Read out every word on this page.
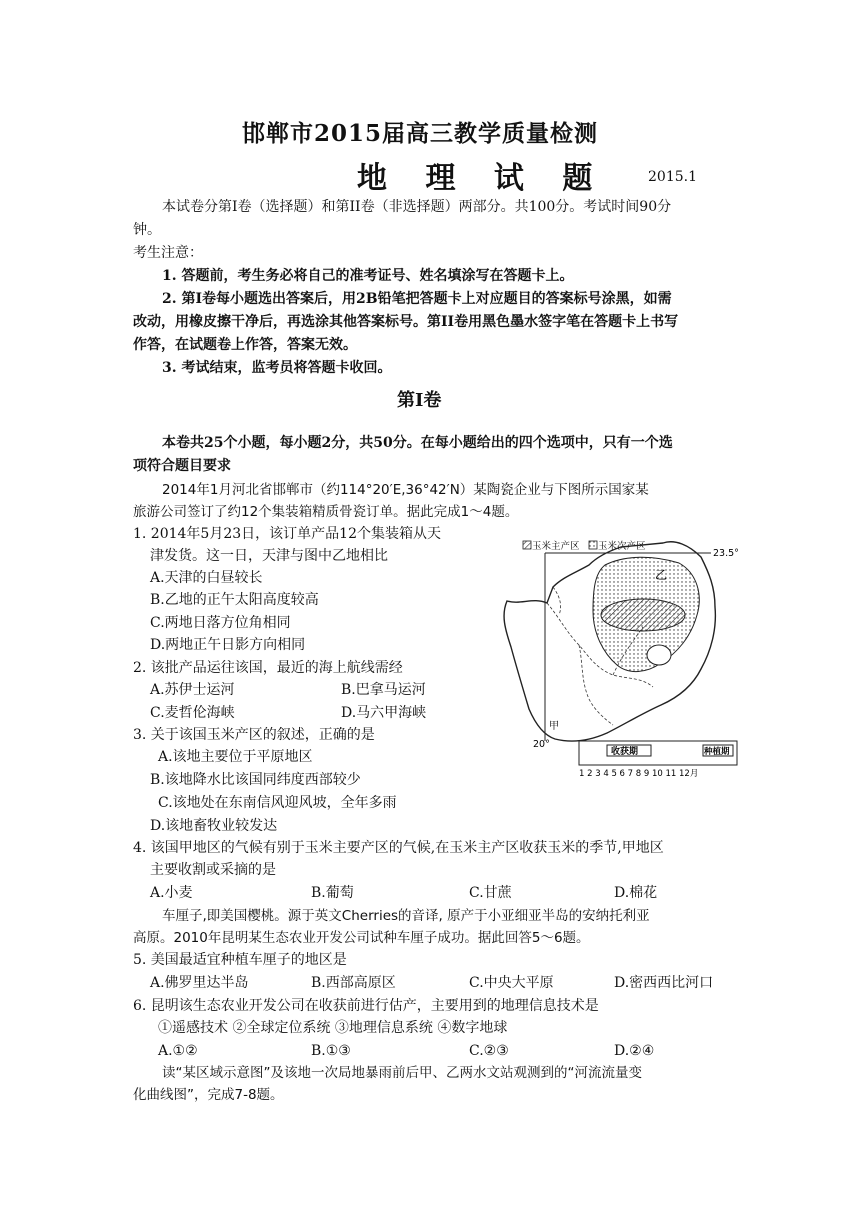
邯郸市2015届高三教学质量检测
地 理 试 题	2015.1
本试卷分第I卷（选择题）和第II卷（非选择题）两部分。共100分。考试时间90分
钟。
考生注意：
1. 答题前，考生务必将自己的准考证号、姓名填涂写在答题卡上。
2. 第I卷每小题选出答案后，用2B铅笔把答题卡上对应题目的答案标号涂黑，如需
改动，用橡皮擦干净后，再选涂其他答案标号。第II卷用黑色墨水签字笔在答题卡上书写
作答，在试题卷上作答，答案无效。
3. 考试结束，监考员将答题卡收回。
第Ⅰ卷
本卷共25个小题，每小题2分，共50分。在每小题给出的四个选项中，只有一个选
项符合题目要求
2014年1月河北省邯郸市（约114°20′E,36°42′N）某陶瓷企业与下图所示国家某
旅游公司签订了约12个集装箱精质骨瓷订单。据此完成1～4题。
1. 2014年5月23日，该订单产品12个集装箱从天
津发货。这一日，天津与图中乙地相比
A.天津的白昼较长
B.乙地的正午太阳高度较高
C.两地日落方位角相同
D.两地正午日影方向相同
2. 该批产品运往该国，最近的海上航线需经
A.苏伊士运河	B.巴拿马运河
C.麦哲伦海峡	D.马六甲海峡
3. 关于该国玉米产区的叙述，正确的是
A.该地主要位于平原地区
B.该地降水比该国同纬度西部较少
C.该地处在东南信风迎风坡，全年多雨
D.该地畜牧业较发达
玉米主产区 玉米次产区
23.5°
20°
乙
甲
收获期	种植期
1 2 3 4 5 6 7 8 9 10 11 12月
4. 该国甲地区的气候有别于玉米主要产区的气候,在玉米主产区收获玉米的季节,甲地区
主要收割或采摘的是
A.小麦	B.葡萄	C.甘蔗	D.棉花
车厘子,即美国樱桃。源于英文Cherries的音译, 原产于小亚细亚半岛的安纳托利亚
高原。2010年昆明某生态农业开发公司试种车厘子成功。据此回答5～6题。
5. 美国最适宜种植车厘子的地区是
A.佛罗里达半岛	B.西部高原区	C.中央大平原	D.密西西比河口
6. 昆明该生态农业开发公司在收获前进行估产，主要用到的地理信息技术是
①遥感技术 ②全球定位系统 ③地理信息系统 ④数字地球
A.①②	B.①③	C.②③	D.②④
读“某区域示意图”及该地一次局地暴雨前后甲、乙两水文站观测到的“河流流量变
化曲线图”，完成7-8题。
